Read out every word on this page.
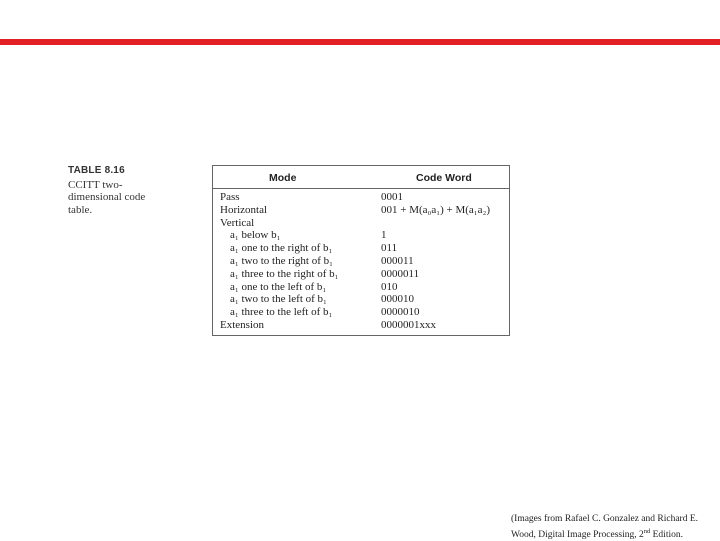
TABLE 8.16
CCITT two-dimensional code table.
Mode	Code Word
Pass	0001
Horizontal	001 + M(a₀a₁) + M(a₁a₂)
Vertical
a₁ below b₁	1
a₁ one to the right of b₁	011
a₁ two to the right of b₁	000011
a₁ three to the right of b₁	0000011
a₁ one to the left of b₁	010
a₁ two to the left of b₁	000010
a₁ three to the left of b₁	0000010
Extension	0000001xxx
(Images from Rafael C. Gonzalez and Richard E.
Wood, Digital Image Processing, 2nd Edition.
